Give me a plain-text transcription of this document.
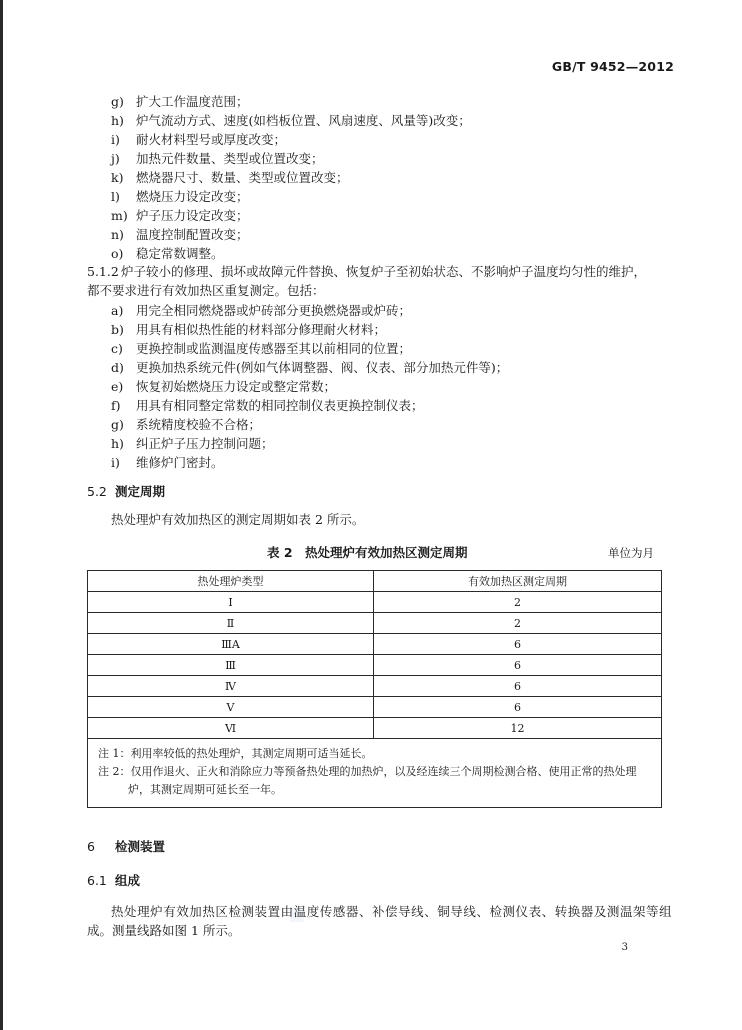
GB/T 9452—2012
g) 扩大工作温度范围；
h) 炉气流动方式、速度(如档板位置、风扇速度、风量等)改变；
i) 耐火材料型号或厚度改变；
j) 加热元件数量、类型或位置改变；
k) 燃烧器尺寸、数量、类型或位置改变；
l) 燃烧压力设定改变；
m) 炉子压力设定改变；
n) 温度控制配置改变；
o) 稳定常数调整。
5.1.2 炉子较小的修理、损坏或故障元件替换、恢复炉子至初始状态、不影响炉子温度均匀性的维护，
都不要求进行有效加热区重复测定。包括：
a) 用完全相同燃烧器或炉砖部分更换燃烧器或炉砖；
b) 用具有相似热性能的材料部分修理耐火材料；
c) 更换控制或监测温度传感器至其以前相同的位置；
d) 更换加热系统元件(例如气体调整器、阀、仪表、部分加热元件等)；
e) 恢复初始燃烧压力设定或整定常数；
f) 用具有相同整定常数的相同控制仪表更换控制仪表；
g) 系统精度校验不合格；
h) 纠正炉子压力控制问题；
i) 维修炉门密封。
5.2 测定周期
热处理炉有效加热区的测定周期如表 2 所示。
表 2　热处理炉有效加热区测定周期	单位为月
热处理炉类型	有效加热区测定周期
Ⅰ	2
Ⅱ	2
ⅢA	6
Ⅲ	6
Ⅳ	6
Ⅴ	6
Ⅵ	12

注 1：利用率较低的热处理炉，其测定周期可适当延长。
注 2：仅用作退火、正火和消除应力等预备热处理的加热炉，以及经连续三个周期检测合格、使用正常的热处理炉，其测定周期可延长至一年。	
6 检测装置
6.1 组成
热处理炉有效加热区检测装置由温度传感器、补偿导线、铜导线、检测仪表、转换器及测温架等组
成。测量线路如图 1 所示。
3
